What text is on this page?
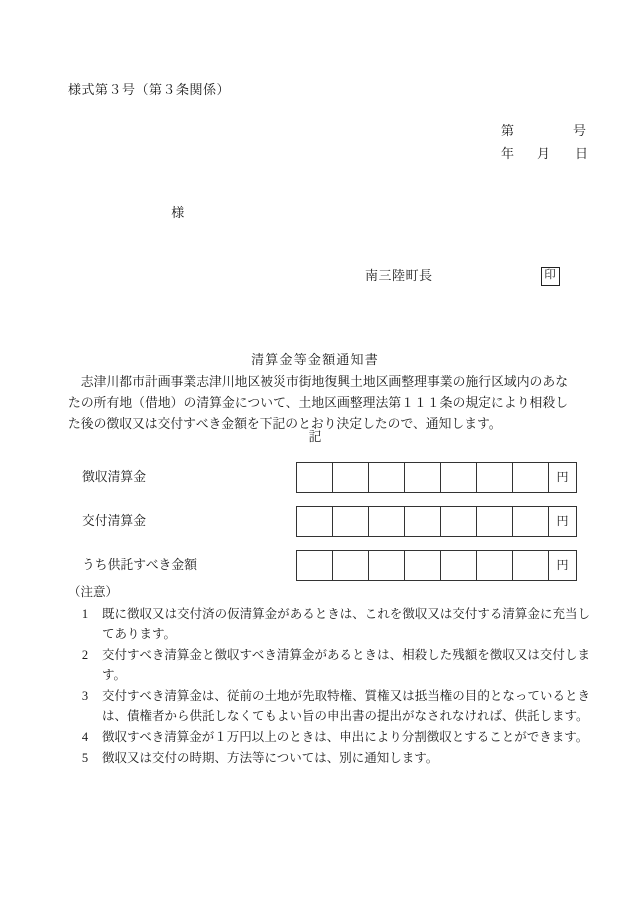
様式第３号（第３条関係）
第	号
年	月	日
様
南三陸町長	印
清算金等金額通知書
志津川都市計画事業志津川地区被災市街地復興土地区画整理事業の施行区域内のあなたの所有地（借地）の清算金について、土地区画整理法第１１１条の規定により相殺した後の徴収又は交付すべき金額を下記のとおり決定したので、通知します。
記
徴収清算金	円
交付清算金	円
うち供託すべき金額	円
（注意）
1	既に徴収又は交付済の仮清算金があるときは、これを徴収又は交付する清算金に充当してあります。
2	交付すべき清算金と徴収すべき清算金があるときは、相殺した残額を徴収又は交付します。
3	交付すべき清算金は、従前の土地が先取特権、質権又は抵当権の目的となっているときは、債権者から供託しなくてもよい旨の申出書の提出がなされなければ、供託します。
4	徴収すべき清算金が１万円以上のときは、申出により分割徴収とすることができます。
5	徴収又は交付の時期、方法等については、別に通知します。
